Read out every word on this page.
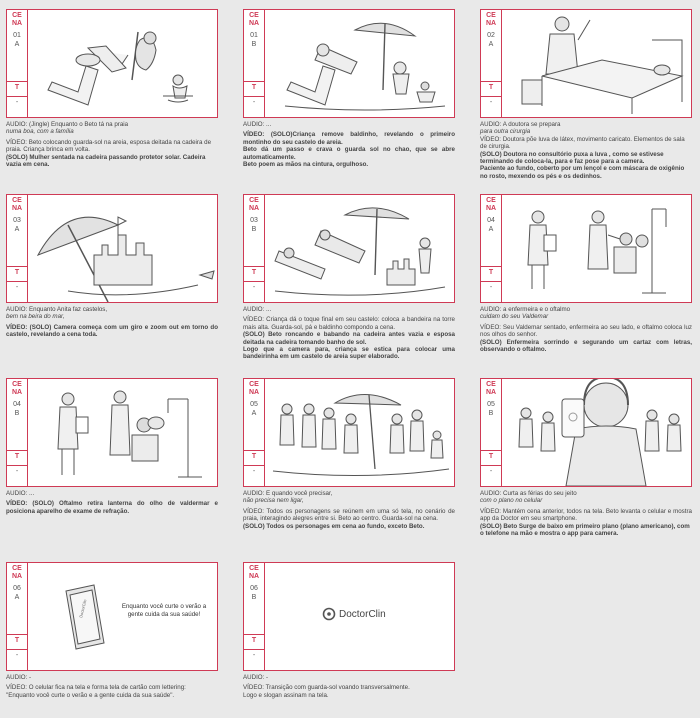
CE NA
01
A
T
-
AUDIO: (Jingle) Enquanto o Beto tá na praia
numa boa, com a família
VÍDEO: Beto colocando guarda-sol na areia, esposa deitada na cadeira de praia. Criança brinca em volta.
(SOLO) Mulher sentada na cadeira passando protetor solar. Cadeira vazia em cena.
CE NA
01
B
T
-
AUDIO: ...
VÍDEO: (SOLO)Criança remove baldinho, revelando o primeiro montinho do seu castelo de areia.
Beto dá um passo e crava o guarda sol no chao, que se abre automaticamente.
Beto poem as mãos na cintura, orgulhoso.
CE NA
02
A
T
-
AUDIO: A doutora se prepara
para outra cirurgia
VÍDEO: Doutora põe luva de látex, movimento caricato. Elementos de sala de cirurgia.
(SOLO) Doutora no consultório puxa a luva , como se estivese terminando de coloca-la, para e faz pose para a camera.
Paciente ao fundo, coberto por um lençol e com máscara de oxigênio no rosto, mexendo os pés e os dedinhos.
CE NA
03
A
T
-
AUDIO: Enquanto Anita faz castelos,
bem na beira do mar,
VÍDEO: (SOLO) Camera começa com um giro e zoom out em torno do castelo, revelando a cena toda.
CE NA
03
B
T
-
AUDIO: ...
VÍDEO: Criança dá o toque final em seu castelo: coloca a bandeira na torre mais alta. Guarda-sol, pá e baldinho compondo a cena.
(SOLO) Beto roncando e babando na cadeira antes vazia e esposa deitada na cadeira tomando banho de sol.
Logo que a camera para, criança se estica para colocar uma bandeirinha em um castelo de areia super elaborado.
CE NA
04
A
T
-
AUDIO: a enfermeira e o oftalmo
cuidam do seu Valdemar
VÍDEO: Seu Valdemar sentado, enfermeira ao seu lado, e oftalmo coloca luz nos olhos do senhor.
(SOLO) Enfermeira sorrindo e segurando um cartaz com letras, observando o oftalmo.
CE NA
04
B
T
-
AUDIO: ...
VÍDEO: (SOLO) Oftalmo retira lanterna do olho de valdermar e posiciona aparelho de exame de refração.
CE NA
05
A
T
-
AUDIO: E quando você precisar,
não precisa nem ligar,
VÍDEO: Todos os personagens se reúnem em uma só tela, no cenário de praia, interagindo alegres entre si. Beto ao centro. Guarda-sol na cena.
(SOLO) Todos os personages em cena ao fundo, exceto Beto.
CE NA
05
B
T
-
AUDIO: Curta as férias do seu jeito
com o plano no celular
VÍDEO: Mantém cena anterior, todos na tela. Beto levanta o celular e mostra app da Doctor em seu smartphone.
(SOLO) Beto Surge de baixo em primeiro plano (plano americano), com o telefone na mão e mostra o app para camera.
CE NA
06
A
T
-
DoctorClin	Enquanto você curte o verão a gente cuida da sua saúde!
AUDIO: -
VÍDEO: O celular fica na tela e forma tela de cartão com lettering:
"Enquanto você curte o verão e a gente cuida da sua saúde".
CE NA
06
B
T
-
DoctorClin
AUDIO: -
VÍDEO: Transição com guarda-sol voando transversalmente.
Logo e slogan assinam na tela.
